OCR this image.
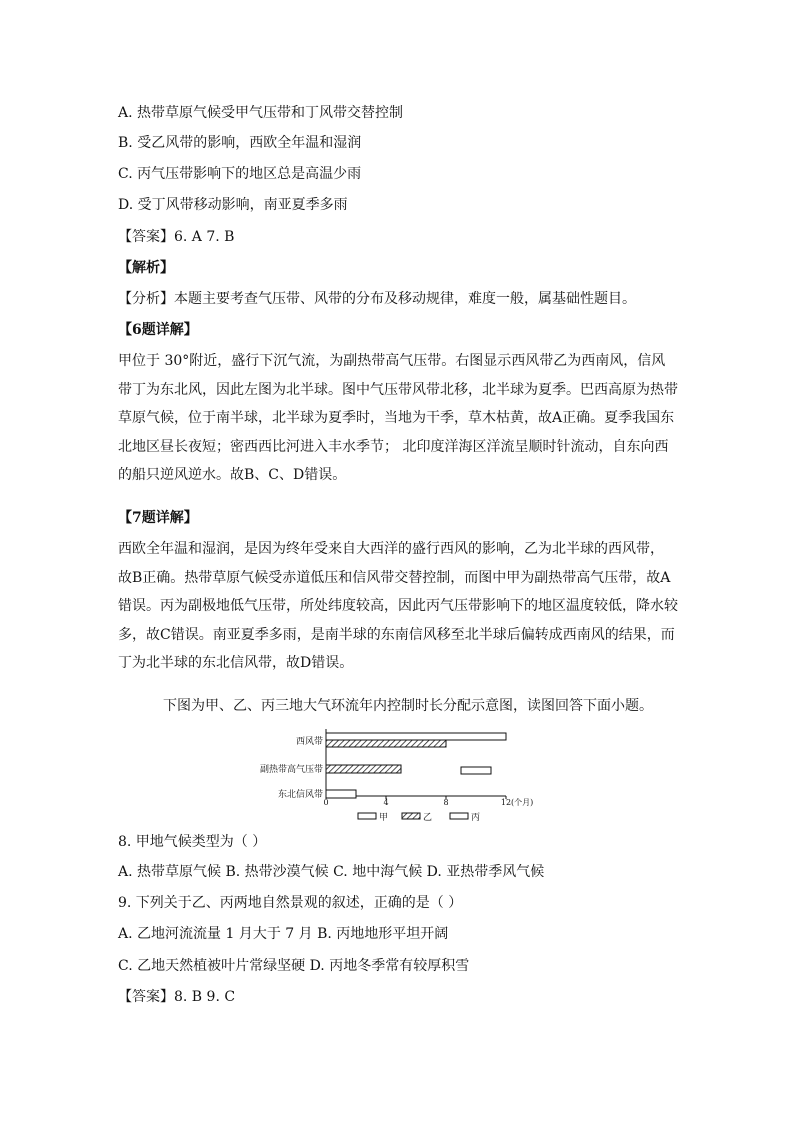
A. 热带草原气候受甲气压带和丁风带交替控制
B. 受乙风带的影响，西欧全年温和湿润
C. 丙气压带影响下的地区总是高温少雨
D. 受丁风带移动影响，南亚夏季多雨
【答案】6. A 7. B
【解析】
【分析】本题主要考查气压带、风带的分布及移动规律，难度一般，属基础性题目。
【6题详解】
甲位于 30°附近，盛行下沉气流，为副热带高气压带。右图显示西风带乙为西南风，信风
带丁为东北风，因此左图为北半球。图中气压带风带北移，北半球为夏季。巴西高原为热带
草原气候，位于南半球，北半球为夏季时，当地为干季，草木枯黄，故A正确。夏季我国东
北地区昼长夜短；密西西比河进入丰水季节； 北印度洋海区洋流呈顺时针流动，自东向西
的船只逆风逆水。故B、C、D错误。
【7题详解】
西欧全年温和湿润，是因为终年受来自大西洋的盛行西风的影响，乙为北半球的西风带，
故B正确。热带草原气候受赤道低压和信风带交替控制，而图中甲为副热带高气压带，故A
错误。丙为副极地低气压带，所处纬度较高，因此丙气压带影响下的地区温度较低，降水较
多，故C错误。南亚夏季多雨，是南半球的东南信风移至北半球后偏转成西南风的结果，而
丁为北半球的东北信风带，故D错误。
下图为甲、乙、丙三地大气环流年内控制时长分配示意图，读图回答下面小题。
西风带
副热带高气压带
东北信风带
0	4	8	12 (个月)
甲	乙	丙
8. 甲地气候类型为（ ）
A. 热带草原气候 B. 热带沙漠气候 C. 地中海气候 D. 亚热带季风气候
9. 下列关于乙、丙两地自然景观的叙述，正确的是（ ）
A. 乙地河流流量 1 月大于 7 月 B. 丙地地形平坦开阔
C. 乙地天然植被叶片常绿坚硬 D. 丙地冬季常有较厚积雪
【答案】8. B 9. C
